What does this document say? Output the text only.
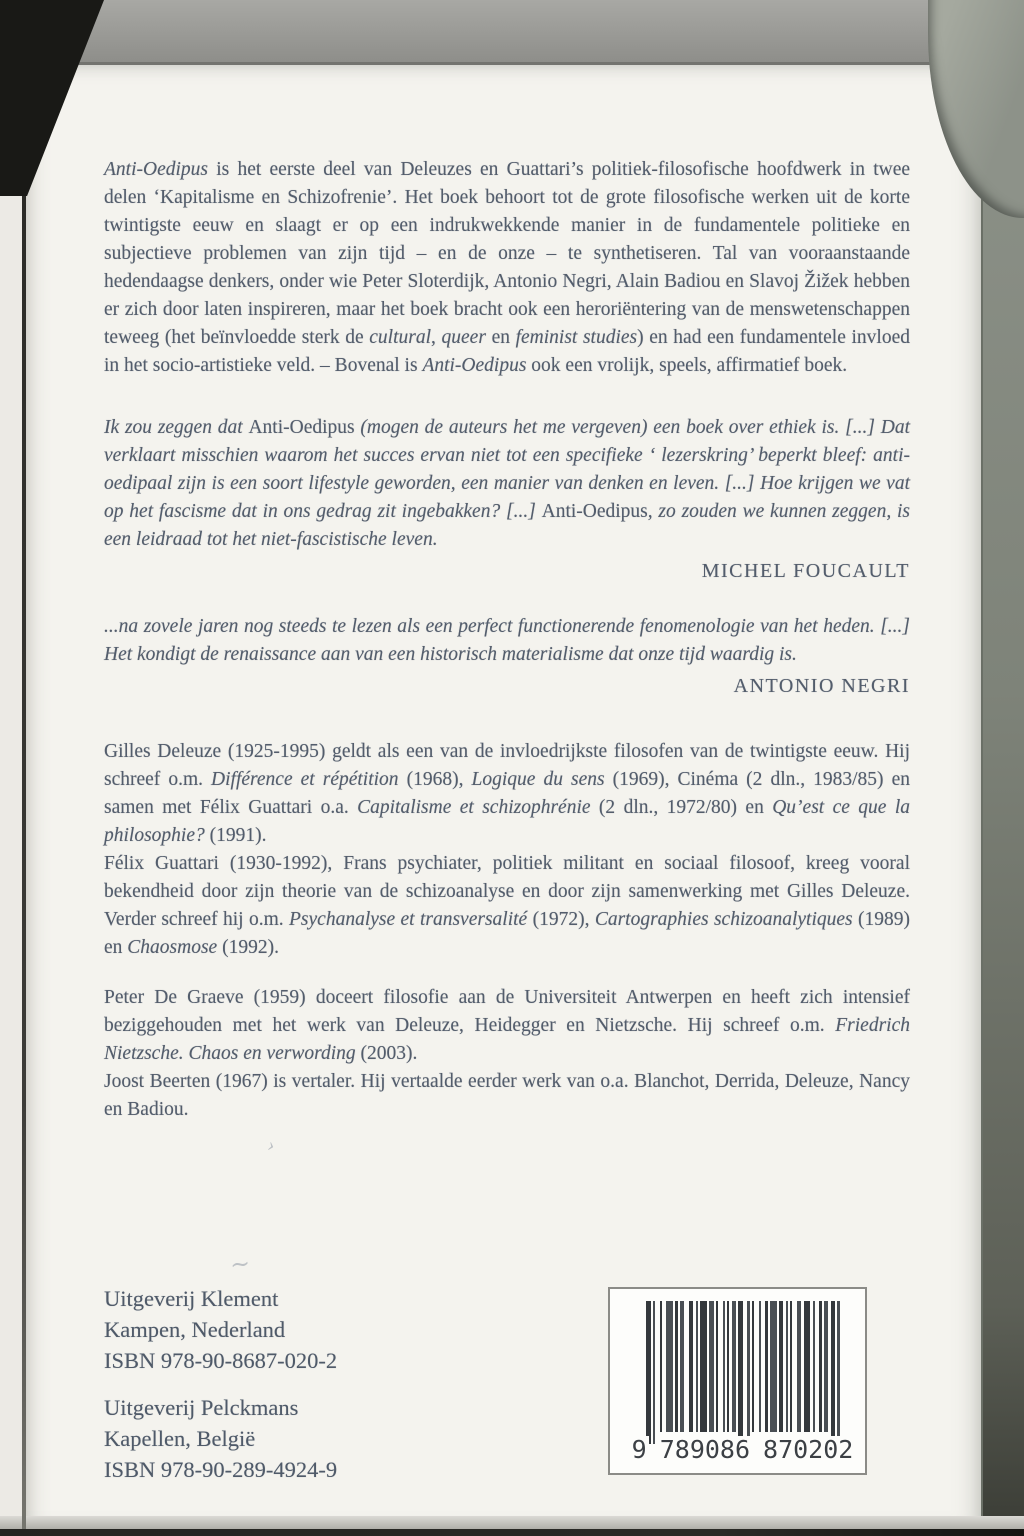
Anti-Oedipus is het eerste deel van Deleuzes en Guattari’s politiek-filosofische hoofdwerk in twee delen ‘Kapitalisme en Schizofrenie’. Het boek behoort tot de grote filosofische werken uit de korte twintigste eeuw en slaagt er op een indrukwekkende manier in de fundamentele politieke en subjectieve problemen van zijn tijd – en de onze – te synthetiseren. Tal van vooraanstaande hedendaagse denkers, onder wie Peter Sloterdijk, Antonio Negri, Alain Badiou en Slavoj Žižek hebben er zich door laten inspireren, maar het boek bracht ook een heroriëntering van de menswetenschappen teweeg (het beïnvloedde sterk de cultural, queer en feminist studies) en had een fundamentele invloed in het socio-artistieke veld. – Bovenal is Anti-Oedipus ook een vrolijk, speels, affirmatief boek.

Ik zou zeggen dat Anti-Oedipus (mogen de auteurs het me vergeven) een boek over ethiek is. [...] Dat verklaart misschien waarom het succes ervan niet tot een specifieke ‘ lezerskring’ beperkt bleef: anti-oedipaal zijn is een soort lifestyle geworden, een manier van denken en leven. [...] Hoe krijgen we vat op het fascisme dat in ons gedrag zit ingebakken? [...] Anti-Oedipus, zo zouden we kunnen zeggen, is een leidraad tot het niet-fascistische leven.

MICHEL FOUCAULT

...na zovele jaren nog steeds te lezen als een perfect functionerende fenomenologie van het heden. [...] Het kondigt de renaissance aan van een historisch materialisme dat onze tijd waardig is.

ANTONIO NEGRI

Gilles Deleuze (1925-1995) geldt als een van de invloedrijkste filosofen van de twintigste eeuw. Hij schreef o.m. Différence et répétition (1968), Logique du sens (1969), Cinéma (2 dln., 1983/85) en samen met Félix Guattari o.a. Capitalisme et schizophrénie (2 dln., 1972/80) en Qu’est ce que la philosophie? (1991).

Félix Guattari (1930-1992), Frans psychiater, politiek militant en sociaal filosoof, kreeg vooral bekendheid door zijn theorie van de schizoanalyse en door zijn samenwerking met Gilles Deleuze. Verder schreef hij o.m. Psychanalyse et transversalité (1972), Cartographies schizoanalytiques (1989) en Chaosmose (1992).

Peter De Graeve (1959) doceert filosofie aan de Universiteit Antwerpen en heeft zich intensief beziggehouden met het werk van Deleuze, Heidegger en Nietzsche. Hij schreef o.m. Friedrich Nietzsche. Chaos en verwording (2003).

Joost Beerten (1967) is vertaler. Hij vertaalde eerder werk van o.a. Blanchot, Derrida, Deleuze, Nancy en Badiou.

Uitgeverij Klement
Kampen, Nederland
ISBN 978-90-8687-020-2
Uitgeverij Pelckmans
Kapellen, België
ISBN 978-90-289-4924-9
9 789086 870202
›
∼
